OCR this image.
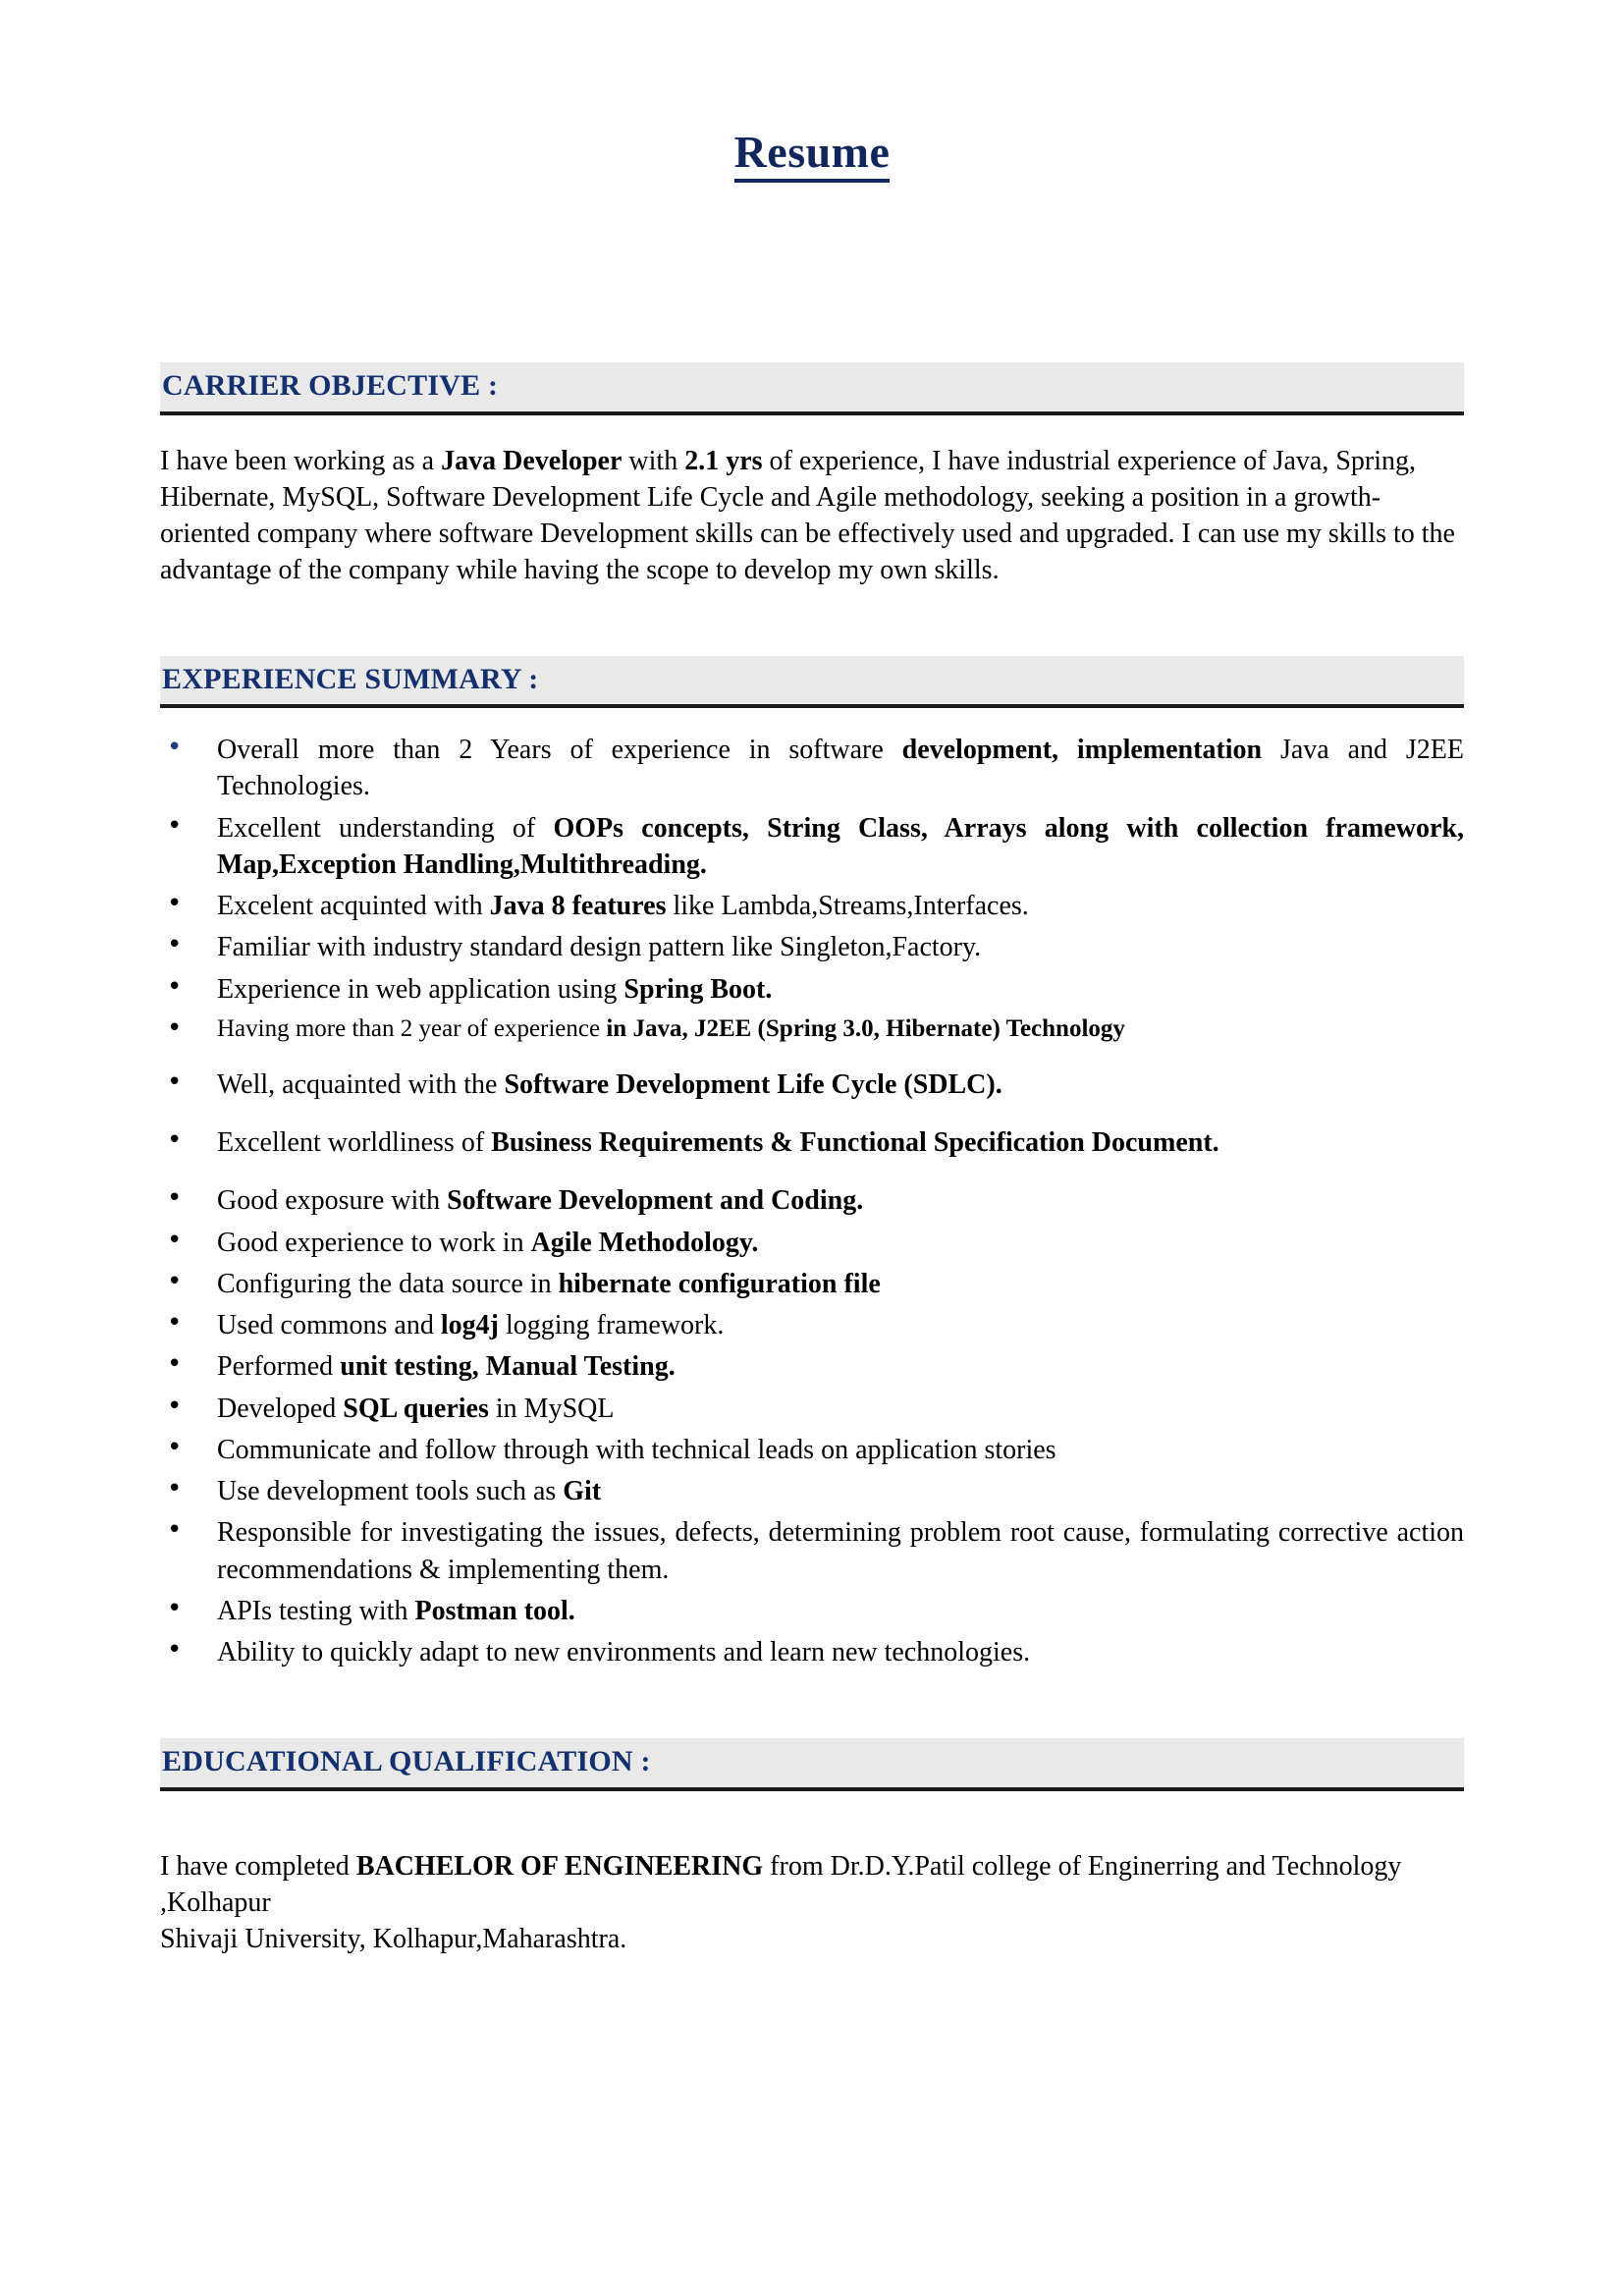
Resume
CARRIER OBJECTIVE :

I have been working as a Java Developer with 2.1 yrs of experience, I have industrial experience of Java, Spring, Hibernate, MySQL, Software Development Life Cycle and Agile methodology, seeking a position in a growth-oriented company where software Development skills can be effectively used and upgraded. I can use my skills to the advantage of the company while having the scope to develop my own skills.

EXPERIENCE SUMMARY :
• Overall more than 2 Years of experience in software development, implementation Java and J2EE Technologies.
• Excellent understanding of OOPs concepts, String Class, Arrays along with collection framework, Map,Exception Handling,Multithreading.
• Excelent acquinted with Java 8 features like Lambda,Streams,Interfaces.
• Familiar with industry standard design pattern like Singleton,Factory.
• Experience in web application using Spring Boot.
• Having more than 2 year of experience in Java, J2EE (Spring 3.0, Hibernate) Technology
• Well, acquainted with the Software Development Life Cycle (SDLC).
• Excellent worldliness of Business Requirements & Functional Specification Document.
• Good exposure with Software Development and Coding.
• Good experience to work in Agile Methodology.
• Configuring the data source in hibernate configuration file
• Used commons and log4j logging framework.
• Performed unit testing, Manual Testing.
• Developed SQL queries in MySQL
• Communicate and follow through with technical leads on application stories
• Use development tools such as Git
• Responsible for investigating the issues, defects, determining problem root cause, formulating corrective action recommendations & implementing them.
• APIs testing with Postman tool.
• Ability to quickly adapt to new environments and learn new technologies.
EDUCATIONAL QUALIFICATION :

I have completed BACHELOR OF ENGINEERING from Dr.D.Y.Patil college of Enginerring and Technology ,Kolhapur

Shivaji University, Kolhapur,Maharashtra.
